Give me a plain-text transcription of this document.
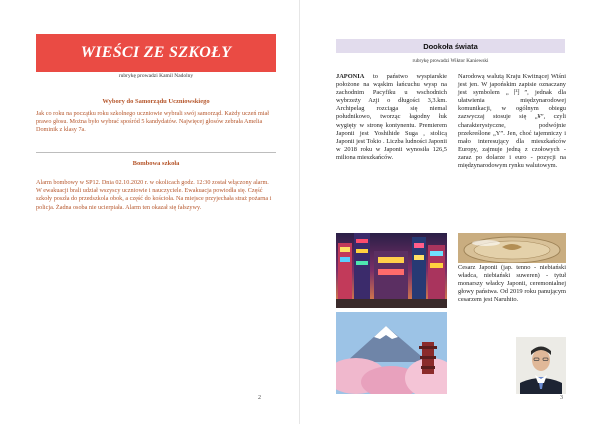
WIEŚCI ZE SZKOŁY
rubrykę prowadzi Kamil Nadolny
Wybory do Samorządu Uczniowskiego
Jak co roku na początku roku szkolnego uczniowie wybrali swój samorząd. Każdy uczeń miał prawo głosu. Można było wybrać spośród 5 kandydatów. Najwięcej głosów zebrała Amelia Dominik z klasy 7a.
Bombowa szkoła
Alarm bombowy w SP12. Dnia 02.10.2020 r. w okolicach godz. 12:30 został włączony alarm. W ewakuacji brali udział wszyscy uczniowie i nauczyciele. Ewakuacja powiodła się. Część szkoły poszła do przedszkola obok, a część do kościoła. Na miejsce przyjechała straż pożarna i policja. Żadna osoba nie ucierpiała. Alarm ten okazał się fałszywy.
2
Dookoła świata
rubrykę prowadzi Wiktor Kaniewski
JAPONIA to państwo wyspiarskie położone na wąskim łańcuchu wysp na zachodnim Pacyfiku u wschodnich wybrzeży Azji o długości 3,3.km. Archipelag rozciąga się niemal południkowo, tworząc łagodny łuk wygięty w stronę kontynentu. Premierem Japonii jest Yoshihide Suga , stolicą Japonii jest Tokio . Liczba ludności Japonii w 2018 roku w Japonii wynosiła 126,5 miliona mieszkańców.
Narodową walutą Kraju Kwitnącej Wiśni jest jen. W japońskim zapisie oznaczany jest symbolem „円”, jednak dla ułatwienia międzynarodowej komunikacji, w ogólnym obiegu zazwyczaj stosuje się „¥”, czyli charakterystyczne, podwójnie przekreślone „Y”. Jen, choć tajemniczy i mało interesujący dla mieszkańców Europy, zajmuje jedną z czołowych - zaraz po dolarze i euro - pozycji na międzynarodowym rynku walutowym.
Cesarz Japonii (jap. tenno - niebiański władca, niebiański suweren) - tytuł monarszy władcy Japonii, ceremonialnej głowy państwa. Od 2019 roku panującym cesarzem jest Naruhito.
3
